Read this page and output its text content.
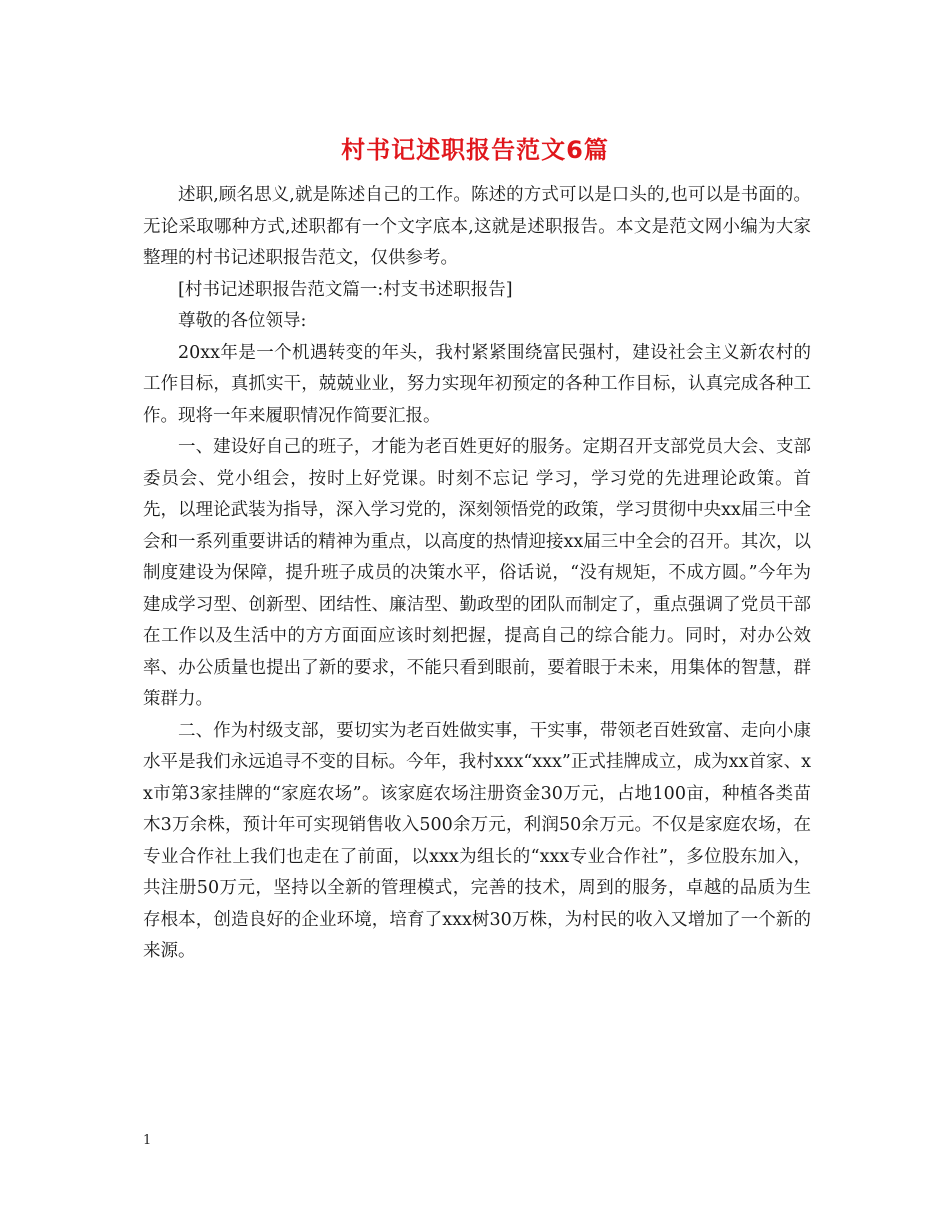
村书记述职报告范文6篇

述职,顾名思义,就是陈述自己的工作。陈述的方式可以是口头的,也可以是书面的。无论采取哪种方式,述职都有一个文字底本,这就是述职报告。本文是范文网小编为大家整理的村书记述职报告范文，仅供参考。

[村书记述职报告范文篇一:村支书述职报告]

尊敬的各位领导:

20xx年是一个机遇转变的年头，我村紧紧围绕富民强村，建设社会主义新农村的工作目标，真抓实干，兢兢业业，努力实现年初预定的各种工作目标，认真完成各种工作。现将一年来履职情况作简要汇报。

一、建设好自己的班子，才能为老百姓更好的服务。定期召开支部党员大会、支部委员会、党小组会，按时上好党课。时刻不忘记 学习，学习党的先进理论政策。首先，以理论武装为指导，深入学习党的，深刻领悟党的政策，学习贯彻中央xx届三中全会和一系列重要讲话的精神为重点，以高度的热情迎接xx届三中全会的召开。其次，以制度建设为保障，提升班子成员的决策水平，俗话说，“没有规矩，不成方圆。”今年为建成学习型、创新型、团结性、廉洁型、勤政型的团队而制定了，重点强调了党员干部在工作以及生活中的方方面面应该时刻把握，提高自己的综合能力。同时，对办公效率、办公质量也提出了新的要求，不能只看到眼前，要着眼于未来，用集体的智慧，群策群力。

二、作为村级支部，要切实为老百姓做实事，干实事，带领老百姓致富、走向小康水平是我们永远追寻不变的目标。今年，我村xxx“xxx”正式挂牌成立，成为xx首家、xx市第3家挂牌的“家庭农场”。该家庭农场注册资金30万元，占地100亩，种植各类苗木3万余株，预计年可实现销售收入500余万元，利润50余万元。不仅是家庭农场，在专业合作社上我们也走在了前面，以xxx为组长的“xxx专业合作社”，多位股东加入，共注册50万元，坚持以全新的管理模式，完善的技术，周到的服务，卓越的品质为生存根本，创造良好的企业环境，培育了xxx树30万株，为村民的收入又增加了一个新的来源。

1
